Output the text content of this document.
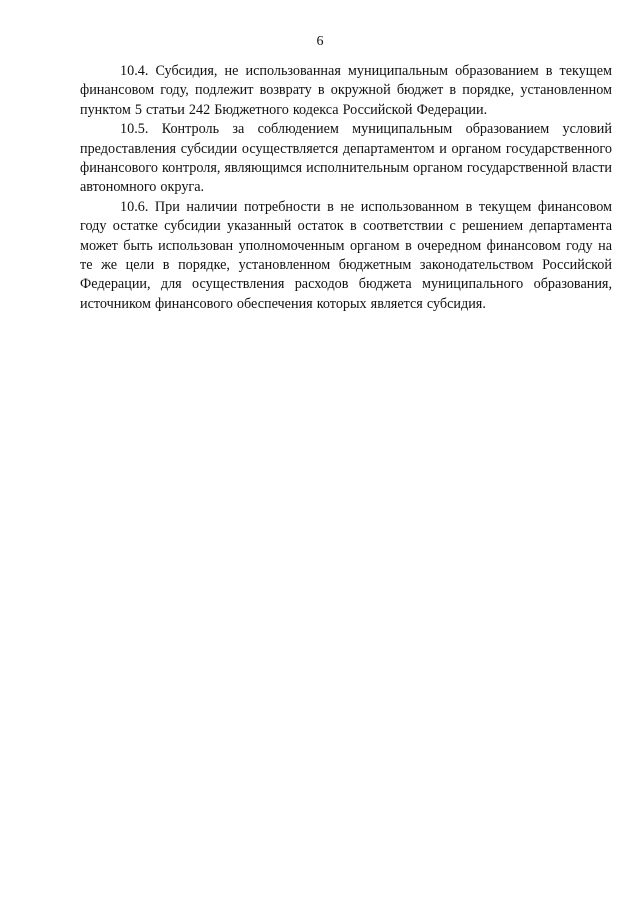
6

10.4. Субсидия, не использованная муниципальным образованием в текущем финансовом году, подлежит возврату в окружной бюджет в порядке, установленном пунктом 5 статьи 242 Бюджетного кодекса Российской Федерации.

10.5. Контроль за соблюдением муниципальным образованием условий предоставления субсидии осуществляется департаментом и органом государственного финансового контроля, являющимся исполнительным органом государственной власти автономного округа.

10.6. При наличии потребности в не использованном в текущем финансовом году остатке субсидии указанный остаток в соответствии с решением департамента может быть использован уполномоченным органом в очередном финансовом году на те же цели в порядке, установленном бюджетным законодательством Российской Федерации, для осуществления расходов бюджета муниципального образования, источником финансового обеспечения которых является субсидия.
